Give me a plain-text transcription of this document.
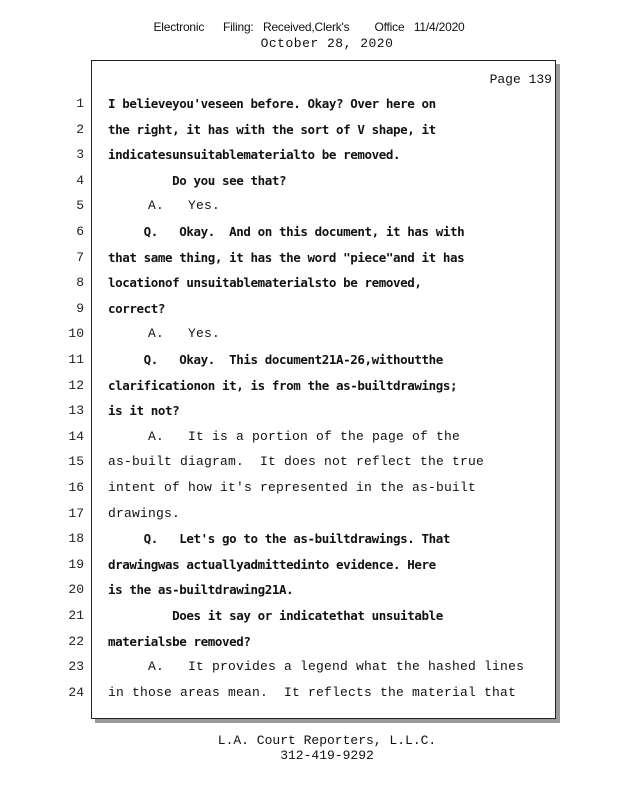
Electronic      Filing:   Received,Clerk's        Office   11/4/2020
October 28, 2020
Page 139
1 I believeyou'veseen before. Okay? Over here on
2 the right, it has with the sort of V shape, it
3 indicatesunsuitablematerialto be removed.
4 Do you see that?
5 A.   Yes.
6 Q.   Okay.  And on this document, it has with
7 that same thing, it has the word "piece"and it has
8 locationof unsuitablematerialsto be removed,
9 correct?
10 A.   Yes.
11 Q.   Okay.  This document21A-26,withoutthe
12 clarificationon it, is from the as-builtdrawings;
13 is it not?
14 A.   It is a portion of the page of the
15 as-built diagram.  It does not reflect the true
16 intent of how it's represented in the as-built
17 drawings.
18 Q.   Let's go to the as-builtdrawings. That
19 drawingwas actuallyadmittedinto evidence. Here
20 is the as-builtdrawing21A.
21 Does it say or indicatethat unsuitable
22 materialsbe removed?
23 A.   It provides a legend what the hashed lines
24 in those areas mean.  It reflects the material that
L.A. Court Reporters, L.L.C.
312-419-9292
